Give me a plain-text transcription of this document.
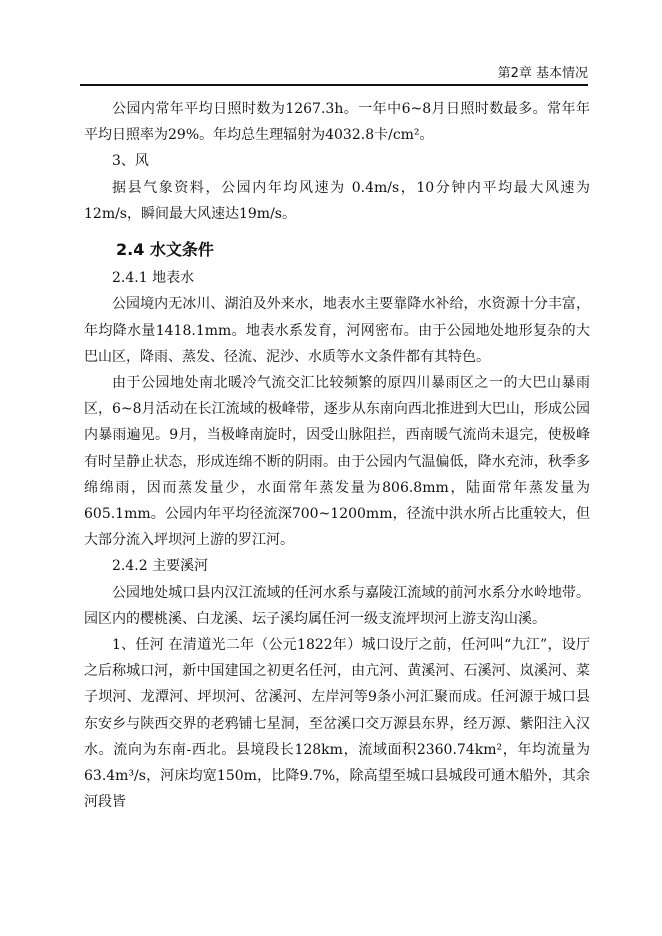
第2章 基本情况

公园内常年平均日照时数为1267.3h。一年中6~8月日照时数最多。常年年平均日照率为29%。年均总生理辐射为4032.8卡/cm²。

3、风

据县气象资料，公园内年均风速为 0.4m/s，10分钟内平均最大风速为12m/s，瞬间最大风速达19m/s。

2.4 水文条件

2.4.1 地表水

公园境内无冰川、湖泊及外来水，地表水主要靠降水补给，水资源十分丰富，年均降水量1418.1mm。地表水系发育，河网密布。由于公园地处地形复杂的大巴山区，降雨、蒸发、径流、泥沙、水质等水文条件都有其特色。

由于公园地处南北暖冷气流交汇比较频繁的原四川暴雨区之一的大巴山暴雨区，6~8月活动在长江流域的极峰带，逐步从东南向西北推进到大巴山，形成公园内暴雨遍见。9月，当极峰南旋时，因受山脉阻拦，西南暖气流尚未退完，使极峰有时呈静止状态，形成连绵不断的阴雨。由于公园内气温偏低，降水充沛，秋季多绵绵雨，因而蒸发量少，水面常年蒸发量为806.8mm，陆面常年蒸发量为605.1mm。公园内年平均径流深700~1200mm，径流中洪水所占比重较大，但大部分流入坪坝河上游的罗江河。

2.4.2 主要溪河

公园地处城口县内汉江流域的任河水系与嘉陵江流域的前河水系分水岭地带。园区内的樱桃溪、白龙溪、坛子溪均属任河一级支流坪坝河上游支沟山溪。

1、任河 在清道光二年（公元1822年）城口设厅之前，任河叫“九江”，设厅之后称城口河，新中国建国之初更名任河，由亢河、黄溪河、石溪河、岚溪河、菜子坝河、龙潭河、坪坝河、岔溪河、左岸河等9条小河汇聚而成。任河源于城口县东安乡与陕西交界的老鸦铺七星洞，至岔溪口交万源县东界，经万源、紫阳注入汉水。流向为东南-西北。县境段长128km，流域面积2360.74km²，年均流量为63.4m³/s，河床均宽150m，比降9.7%，除高望至城口县城段可通木船外，其余河段皆
